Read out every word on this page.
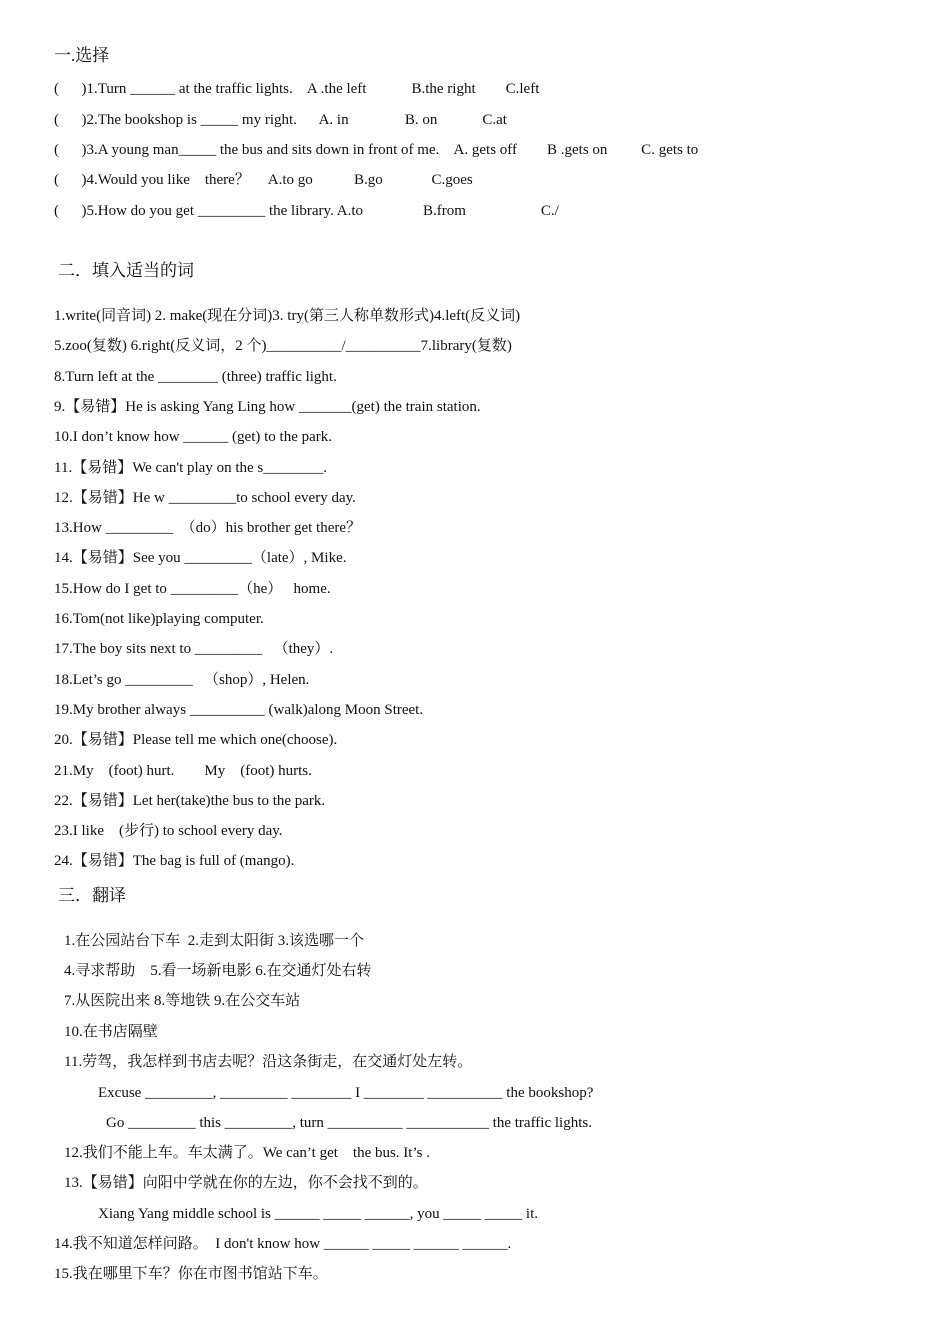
一.选择
(      )1.Turn ______ at the traffic lights.    A .the left            B.the right        C.left
(      )2.The bookshop is _____ my right.      A. in               B. on            C.at
(      )3.A young man_____ the bus and sits down in front of me.    A. gets off        B .gets on         C. gets to
(      )4.Would you like    there？     A.to go           B.go             C.goes
(      )5.How do you get _________ the library. A.to                B.from                    C./
二．填入适当的词
1.write(同音词) 2. make(现在分词)3. try(第三人称单数形式)4.left(反义词)
5.zoo(复数) 6.right(反义词，2 个)__________/__________7.library(复数)
8.Turn left at the ________ (three) traffic light.
9.【易错】He is asking Yang Ling how _______(get) the train station.
10.I don’t know how ______ (get) to the park.
11.【易错】We can't play on the s________.
12.【易错】He w _________to school every day.
13.How _________  （do）his brother get there？
14.【易错】See you _________（late）, Mike.
15.How do I get to _________（he）   home.
16.Tom(not like)playing computer.
17.The boy sits next to _________   （they）.
18.Let’s go _________   （shop）, Helen.
19.My brother always __________ (walk)along Moon Street.
20.【易错】Please tell me which one(choose).
21.My    (foot) hurt.        My    (foot) hurts.
22.【易错】Let her(take)the bus to the park.
23.I like    (步行) to school every day.
24.【易错】The bag is full of (mango).
三．翻译
1.在公园站台下车  2.走到太阳街 3.该选哪一个
4.寻求帮助    5.看一场新电影 6.在交通灯处右转
7.从医院出来 8.等地铁 9.在公交车站
10.在书店隔壁
11.劳驾，我怎样到书店去呢？沿这条街走，在交通灯处左转。
Excuse _________, _________ ________ I ________ __________ the bookshop?
Go _________ this _________, turn __________ ___________ the traffic lights.
12.我们不能上车。车太满了。We can’t get    the bus. It’s .
13.【易错】向阳中学就在你的左边，你不会找不到的。
Xiang Yang middle school is ______ _____ ______, you _____ _____ it.
14.我不知道怎样问路。  I don't know how ______ _____ ______ ______.
15.我在哪里下车？你在市图书馆站下车。
